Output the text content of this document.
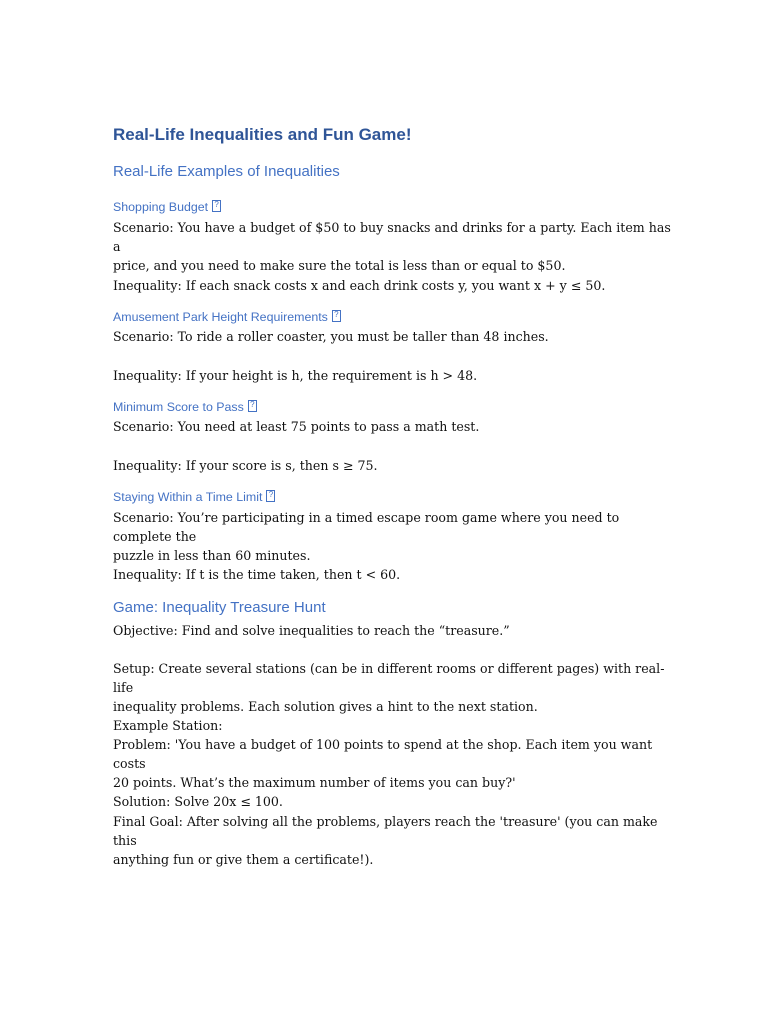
Real-Life Inequalities and Fun Game!
Real-Life Examples of Inequalities
Shopping Budget?
Scenario: You have a budget of $50 to buy snacks and drinks for a party. Each item has a
price, and you need to make sure the total is less than or equal to $50.
Inequality: If each snack costs x and each drink costs y, you want x + y ≤ 50.
Amusement Park Height Requirements?
Scenario: To ride a roller coaster, you must be taller than 48 inches.
Inequality: If your height is h, the requirement is h > 48.
Minimum Score to Pass?
Scenario: You need at least 75 points to pass a math test.
Inequality: If your score is s, then s ≥ 75.
Staying Within a Time Limit?
Scenario: You’re participating in a timed escape room game where you need to complete the
puzzle in less than 60 minutes.
Inequality: If t is the time taken, then t < 60.
Game: Inequality Treasure Hunt
Objective: Find and solve inequalities to reach the “treasure.”
Setup: Create several stations (can be in different rooms or different pages) with real-life
inequality problems. Each solution gives a hint to the next station.
Example Station:
Problem: 'You have a budget of 100 points to spend at the shop. Each item you want costs
20 points. What’s the maximum number of items you can buy?'
Solution: Solve 20x ≤ 100.
Final Goal: After solving all the problems, players reach the 'treasure' (you can make this
anything fun or give them a certificate!).
